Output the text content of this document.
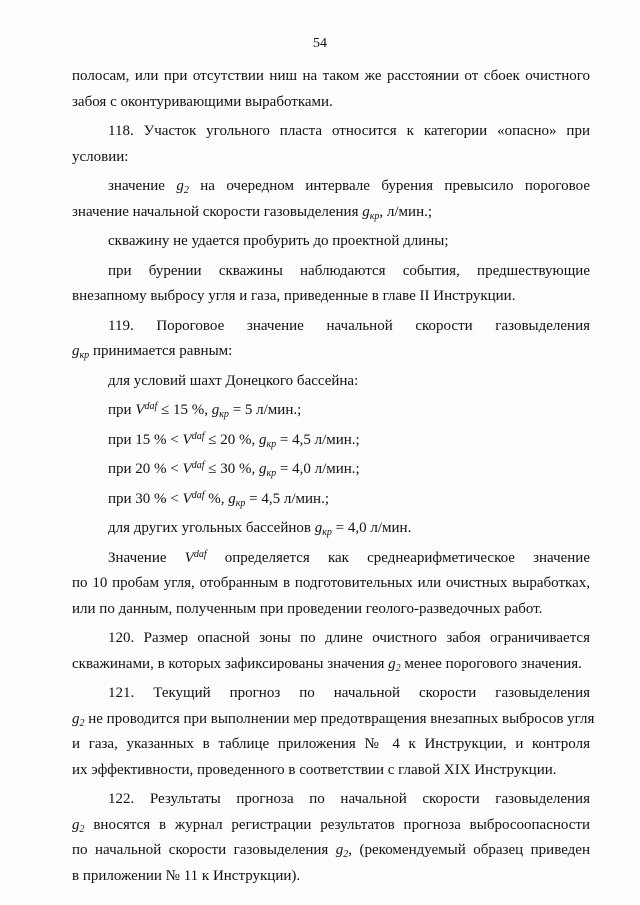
54
полосам, или при отсутствии ниш на таком же расстоянии от сбоек очистного
забоя с оконтуривающими выработками.
118. Участок угольного пласта относится к категории «опасно» при
условии:
значение $g_2$ на очередном интервале бурения превысило пороговое
значение начальной скорости газовыделения $g_{кр}$, л/мин.;
скважину не удается пробурить до проектной длины;
при бурении скважины наблюдаются события, предшествующие
внезапному выбросу угля и газа, приведенные в главе II Инструкции.
119. Пороговое значение начальной скорости газовыделения
$g_{кр}$ принимается равным:
для условий шахт Донецкого бассейна:
при $V^{daf} \le 15$ %, $g_{кр} = 5$ л/мин.;
при 15 % < $V^{daf} \le 20$ %, $g_{кр} = 4,5$ л/мин.;
при 20 % < $V^{daf} \le 30$ %, $g_{кр} = 4,0$ л/мин.;
при 30 % < $V^{daf}$ %, $g_{кр} = 4,5$ л/мин.;
для других угольных бассейнов $g_{кр} = 4,0$ л/мин.
Значение $V^{daf}$ определяется как среднеарифметическое значение
по 10 пробам угля, отобранным в подготовительных или очистных выработках,
или по данным, полученным при проведении геолого-разведочных работ.
120. Размер опасной зоны по длине очистного забоя ограничивается
скважинами, в которых зафиксированы значения $g_2$ менее порогового значения.
121. Текущий прогноз по начальной скорости газовыделения
$g_2$ не проводится при выполнении мер предотвращения внезапных выбросов угля
и газа, указанных в таблице приложения № 4 к Инструкции, и контроля
их эффективности, проведенного в соответствии с главой XIX Инструкции.
122. Результаты прогноза по начальной скорости газовыделения
$g_2$ вносятся в журнал регистрации результатов прогноза выбросоопасности
по начальной скорости газовыделения $g_2$, (рекомендуемый образец приведен
в приложении № 11 к Инструкции).
